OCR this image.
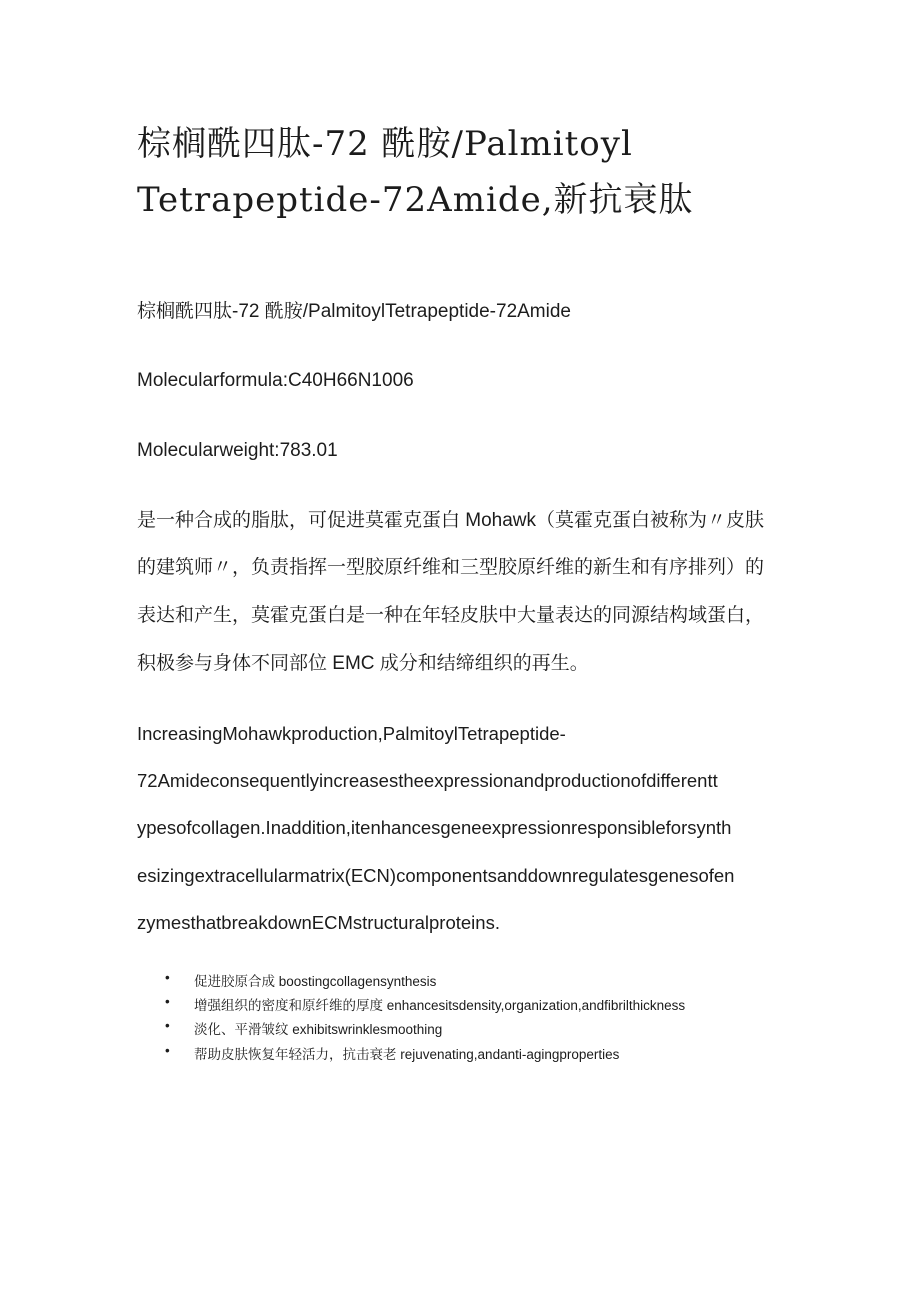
棕榈酰四肽-72 酰胺/Palmitoyl
Tetrapeptide-72Amide,新抗衰肽
棕榈酰四肽-72 酰胺/PalmitoylTetrapeptide-72Amide
Molecularformula:C40H66N1006
Molecularweight:783.01
是一种合成的脂肽，可促进莫霍克蛋白 Mohawk（莫霍克蛋白被称为〃皮肤
的建筑师〃，负责指挥一型胶原纤维和三型胶原纤维的新生和有序排列）的
表达和产生，莫霍克蛋白是一种在年轻皮肤中大量表达的同源结构域蛋白，
积极参与身体不同部位 EMC 成分和结缔组织的再生。
IncreasingMohawkproduction,PalmitoylTetrapeptide-
72Amideconsequentlyincreasestheexpressionandproductionofdifferentt
ypesofcollagen.Inaddition,itenhancesgeneexpressionresponsibleforsynth
esizingextracellularmatrix(ECN)componentsanddownregulatesgenesofen
zymesthatbreakdownECMstructuralproteins.
• 促进胶原合成 boostingcollagensynthesis
• 增强组织的密度和原纤维的厚度 enhancesitsdensity,organization,andfibrilthickness
• 淡化、平滑皱纹 exhibitswrinklesmoothing
• 帮助皮肤恢复年轻活力，抗击衰老 rejuvenating,andanti-agingproperties
